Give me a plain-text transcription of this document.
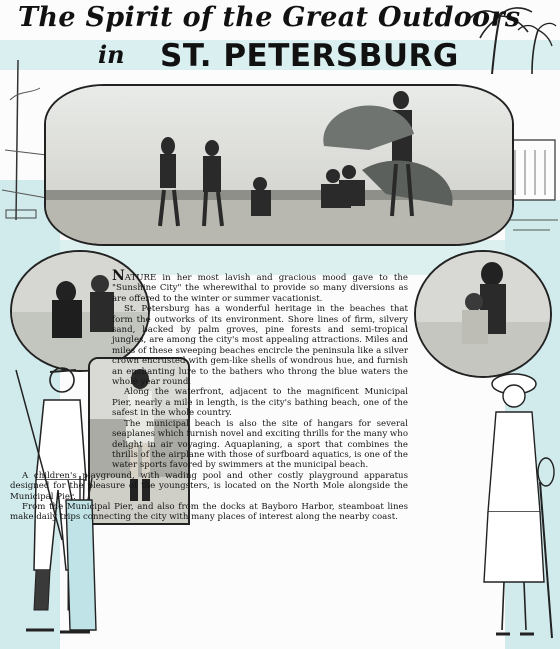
The Spirit of the Great Outdoors
in ST. PETERSBURG

NATURE in her most lavish and gracious mood gave to the "Sunshine City" the wherewithal to provide so many diversions as are offered to the winter or summer vacationist.

St. Petersburg has a wonderful heritage in the beaches that form the outworks of its environment. Shore lines of firm, silvery sand, backed by palm groves, pine forests and semi-tropical jungles, are among the city's most appealing attractions. Miles and miles of these sweeping beaches encircle the peninsula like a silver crown encrusted with gem-like shells of wondrous hue, and furnish an enchanting lure to the bathers who throng the blue waters the whole year round.

Along the waterfront, adjacent to the magnificent Municipal Pier, nearly a mile in length, is the city's bathing beach, one of the safest in the whole country.

The municipal beach is also the site of hangars for several seaplanes which furnish novel and exciting thrills for the many who delight in air voyaging. Aquaplaning, a sport that combines the thrills of the airplane with those of surfboard aquatics, is one of the water sports favored by swimmers at the municipal beach.

A children's playground, with wading pool and other costly playground apparatus designed for the pleasure of the youngsters, is located on the North Mole alongside the Municipal Pier.

From the Municipal Pier, and also from the docks at Bayboro Harbor, steamboat lines make daily trips connecting the city with many places of interest along the nearby coast.
